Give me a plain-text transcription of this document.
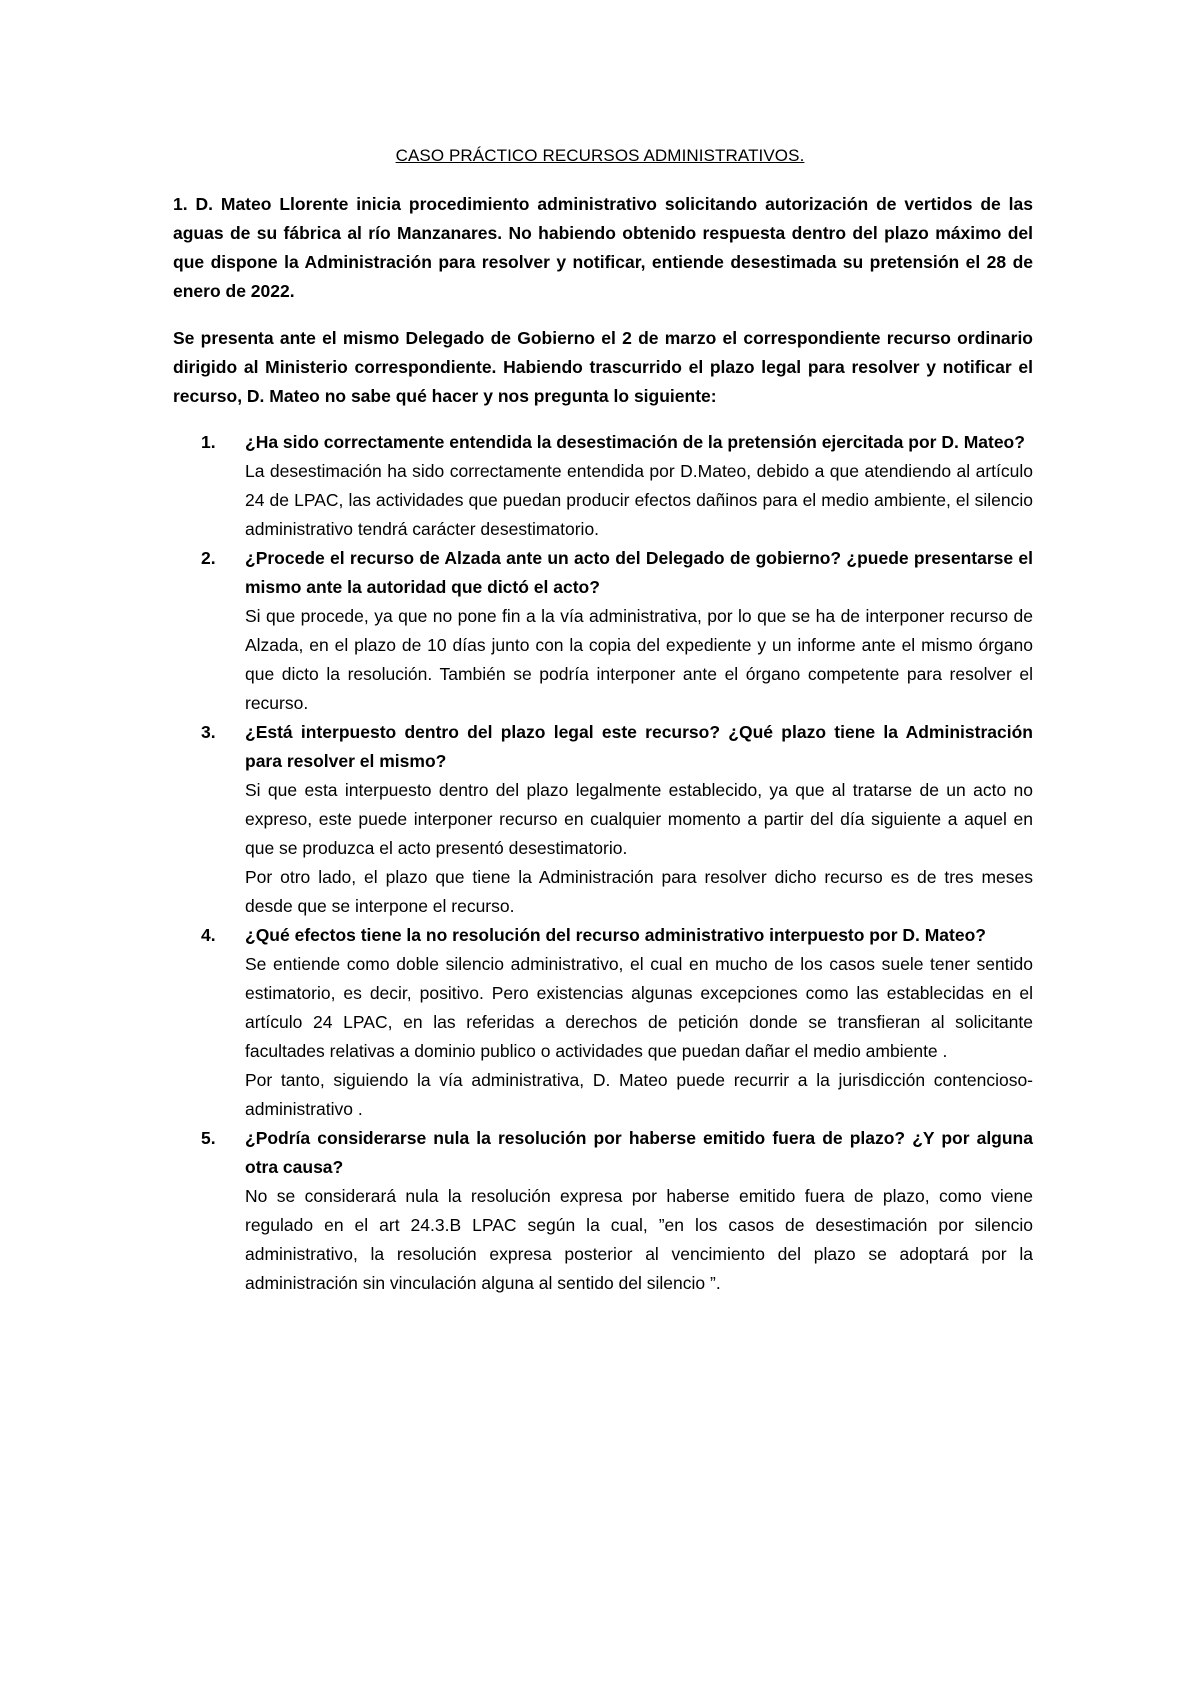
CASO PRÁCTICO RECURSOS ADMINISTRATIVOS.

1. D. Mateo Llorente inicia procedimiento administrativo solicitando autorización de vertidos de las aguas de su fábrica al río Manzanares. No habiendo obtenido respuesta dentro del plazo máximo del que dispone la Administración para resolver y notificar, entiende desestimada su pretensión el 28 de enero de 2022.

Se presenta ante el mismo Delegado de Gobierno el 2 de marzo el correspondiente recurso ordinario dirigido al Ministerio correspondiente. Habiendo trascurrido el plazo legal para resolver y notificar el recurso, D. Mateo no sabe qué hacer y nos pregunta lo siguiente:

1. ¿Ha sido correctamente entendida la desestimación de la pretensión ejercitada por D. Mateo?

La desestimación ha sido correctamente entendida por D.Mateo, debido a que atendiendo al artículo 24 de LPAC, las actividades que puedan producir efectos dañinos para el medio ambiente, el silencio administrativo tendrá carácter desestimatorio.

2. ¿Procede el recurso de Alzada ante un acto del Delegado de gobierno? ¿puede presentarse el mismo ante la autoridad que dictó el acto?

Si que procede, ya que no pone fin a la vía administrativa, por lo que se ha de interponer recurso de Alzada, en el plazo de 10 días junto con la copia del expediente y un informe ante el mismo órgano que dicto la resolución. También se podría interponer ante el órgano competente para resolver el recurso.

3. ¿Está interpuesto dentro del plazo legal este recurso? ¿Qué plazo tiene la Administración para resolver el mismo?

Si que esta interpuesto dentro del plazo legalmente establecido, ya que al tratarse de un acto no expreso, este puede interponer recurso en cualquier momento a partir del día siguiente a aquel en que se produzca el acto presentó desestimatorio.

Por otro lado, el plazo que tiene la Administración para resolver dicho recurso es de tres meses desde que se interpone el recurso.

4. ¿Qué efectos tiene la no resolución del recurso administrativo interpuesto por D. Mateo?

Se entiende como doble silencio administrativo, el cual en mucho de los casos suele tener sentido estimatorio, es decir, positivo. Pero existencias algunas excepciones como las establecidas en el artículo 24 LPAC, en las referidas a derechos de petición donde se transfieran al solicitante facultades relativas a dominio publico o actividades que puedan dañar el medio ambiente .

Por tanto, siguiendo la vía administrativa, D. Mateo puede recurrir a la jurisdicción contencioso-administrativo .

5. ¿Podría considerarse nula la resolución por haberse emitido fuera de plazo? ¿Y por alguna otra causa?

No se considerará nula la resolución expresa por haberse emitido fuera de plazo, como viene regulado en el art 24.3.B LPAC según la cual, ”en los casos de desestimación por silencio administrativo, la resolución expresa posterior al vencimiento del plazo se adoptará por la administración sin vinculación alguna al sentido del silencio ”.
